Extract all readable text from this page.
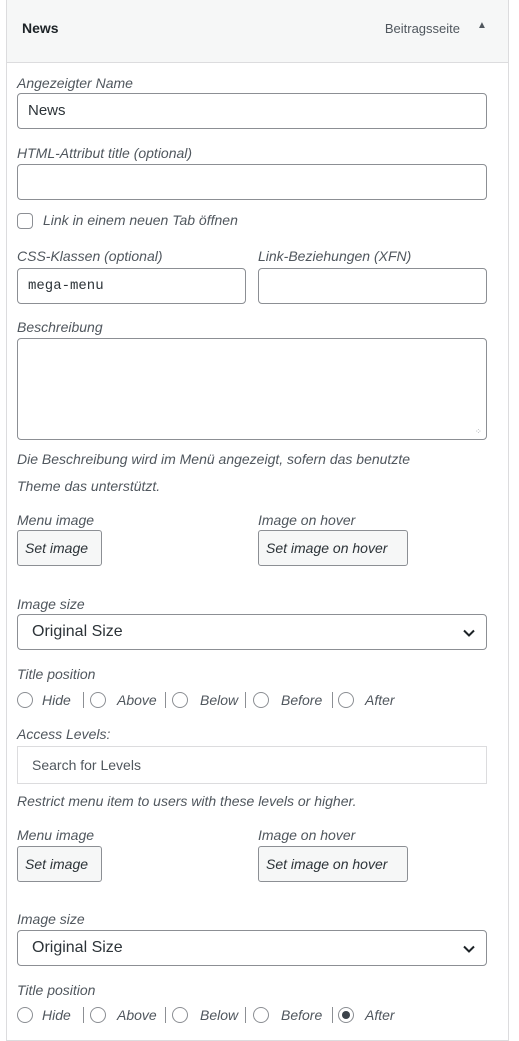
News	Beitragsseite	▲
Angezeigter Name
News
HTML-Attribut title (optional)
Link in einem neuen Tab öffnen
CSS-Klassen (optional)
mega-menu
Link-Beziehungen (XFN)
Beschreibung
⁘
Die Beschreibung wird im Menü angezeigt, sofern das benutzte
Theme das unterstützt.
Menu image
Set image
Image on hover
Set image on hover
Image size
Original Size
Title position
Hide	Above	Below	Before	After
Access Levels:
Search for Levels
Restrict menu item to users with these levels or higher.
Menu image
Set image
Image on hover
Set image on hover
Image size
Original Size
Title position
Hide	Above	Below	Before	After
